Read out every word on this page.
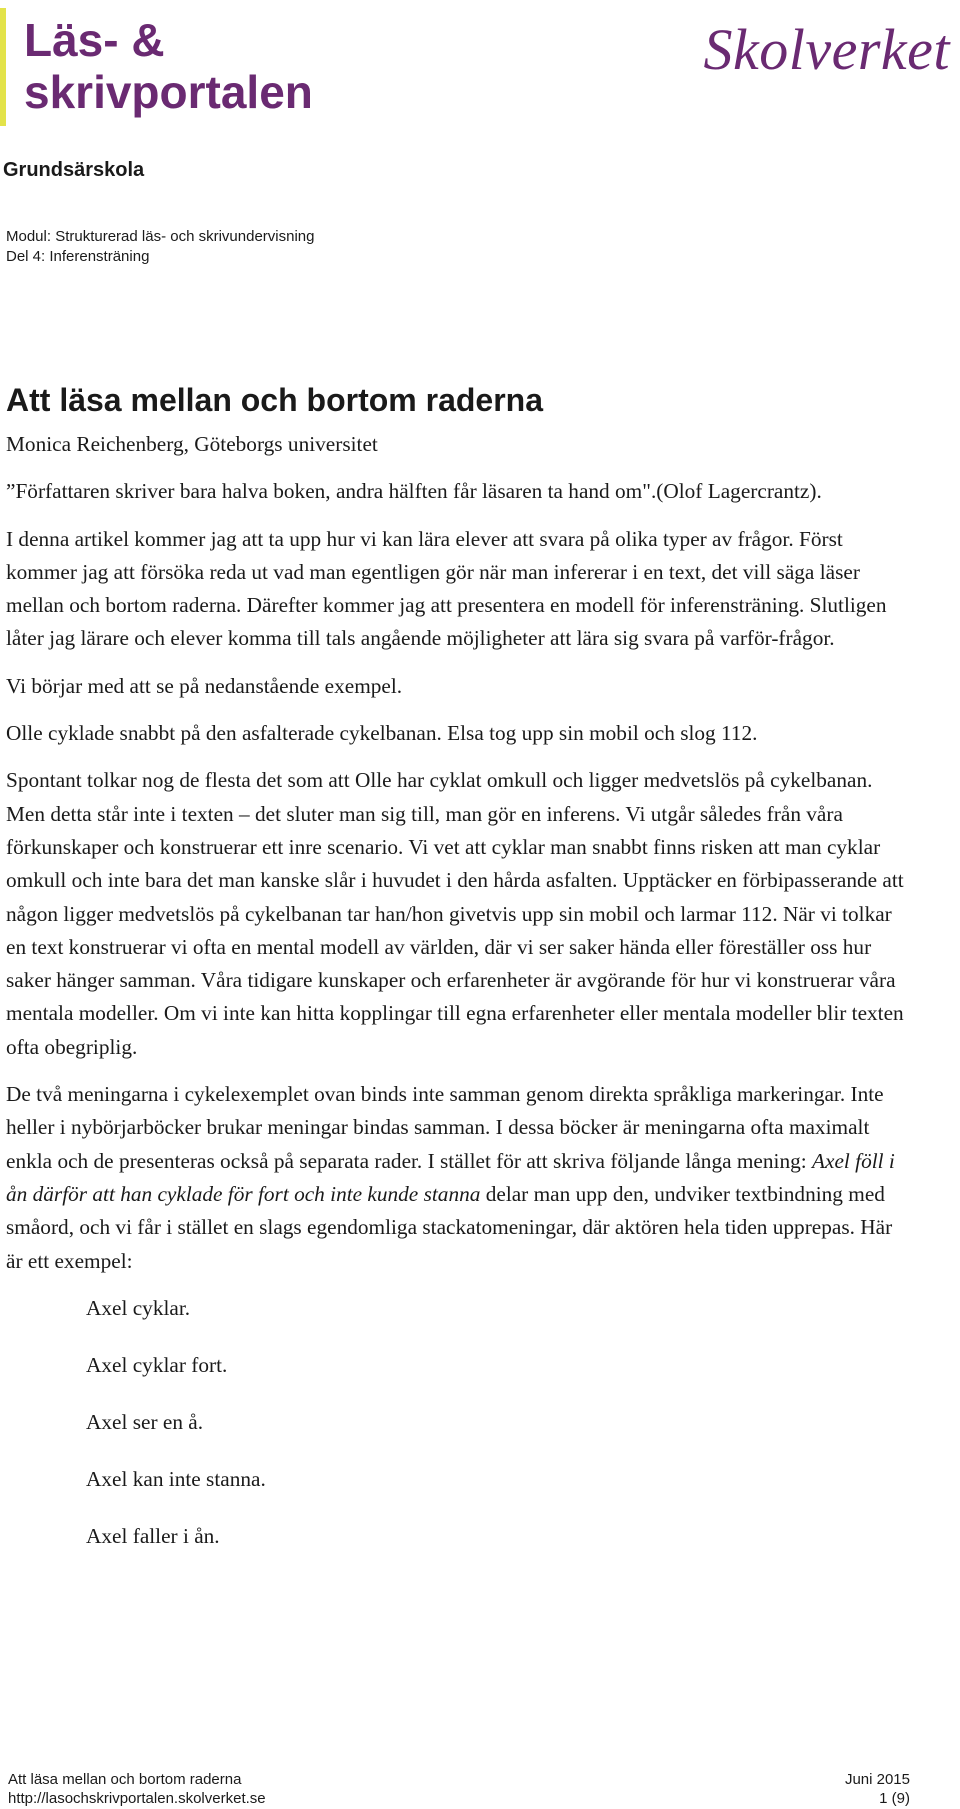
Läs- &
skrivportalen
Skolverket
Grundsärskola
Modul: Strukturerad läs- och skrivundervisning
Del 4: Inferensträning
Att läsa mellan och bortom raderna

Monica Reichenberg, Göteborgs universitet

”Författaren skriver bara halva boken, andra hälften får läsaren ta hand om".(Olof Lagercrantz).

I denna artikel kommer jag att ta upp hur vi kan lära elever att svara på olika typer av frågor. Först kommer jag att försöka reda ut vad man egentligen gör när man infererar i en text, det vill säga läser mellan och bortom raderna. Därefter kommer jag att presentera en modell för inferensträning. Slutligen låter jag lärare och elever komma till tals angående möjligheter att lära sig svara på varför-frågor.

Vi börjar med att se på nedanstående exempel.

Olle cyklade snabbt på den asfalterade cykelbanan. Elsa tog upp sin mobil och slog 112.

Spontant tolkar nog de flesta det som att Olle har cyklat omkull och ligger medvetslös på cykelbanan. Men detta står inte i texten – det sluter man sig till, man gör en inferens. Vi utgår således från våra förkunskaper och konstruerar ett inre scenario. Vi vet att cyklar man snabbt finns risken att man cyklar omkull och inte bara det man kanske slår i huvudet i den hårda asfalten. Upptäcker en förbipasserande att någon ligger medvetslös på cykelbanan tar han/hon givetvis upp sin mobil och larmar 112. När vi tolkar en text konstruerar vi ofta en mental modell av världen, där vi ser saker hända eller föreställer oss hur saker hänger samman. Våra tidigare kunskaper och erfarenheter är avgörande för hur vi konstruerar våra mentala modeller. Om vi inte kan hitta kopplingar till egna erfarenheter eller mentala modeller blir texten ofta obegriplig.

De två meningarna i cykelexemplet ovan binds inte samman genom direkta språkliga markeringar. Inte heller i nybörjarböcker brukar meningar bindas samman. I dessa böcker är meningarna ofta maximalt enkla och de presenteras också på separata rader. I stället för att skriva följande långa mening: Axel föll i ån därför att han cyklade för fort och inte kunde stanna delar man upp den, undviker textbindning med småord, och vi får i stället en slags egendomliga stackatomeningar, där aktören hela tiden upprepas. Här är ett exempel:

Axel cyklar.
Axel cyklar fort.
Axel ser en å.
Axel kan inte stanna.
Axel faller i ån.
Att läsa mellan och bortom raderna	Juni 2015
http://lasochskrivportalen.skolverket.se	1 (9)
